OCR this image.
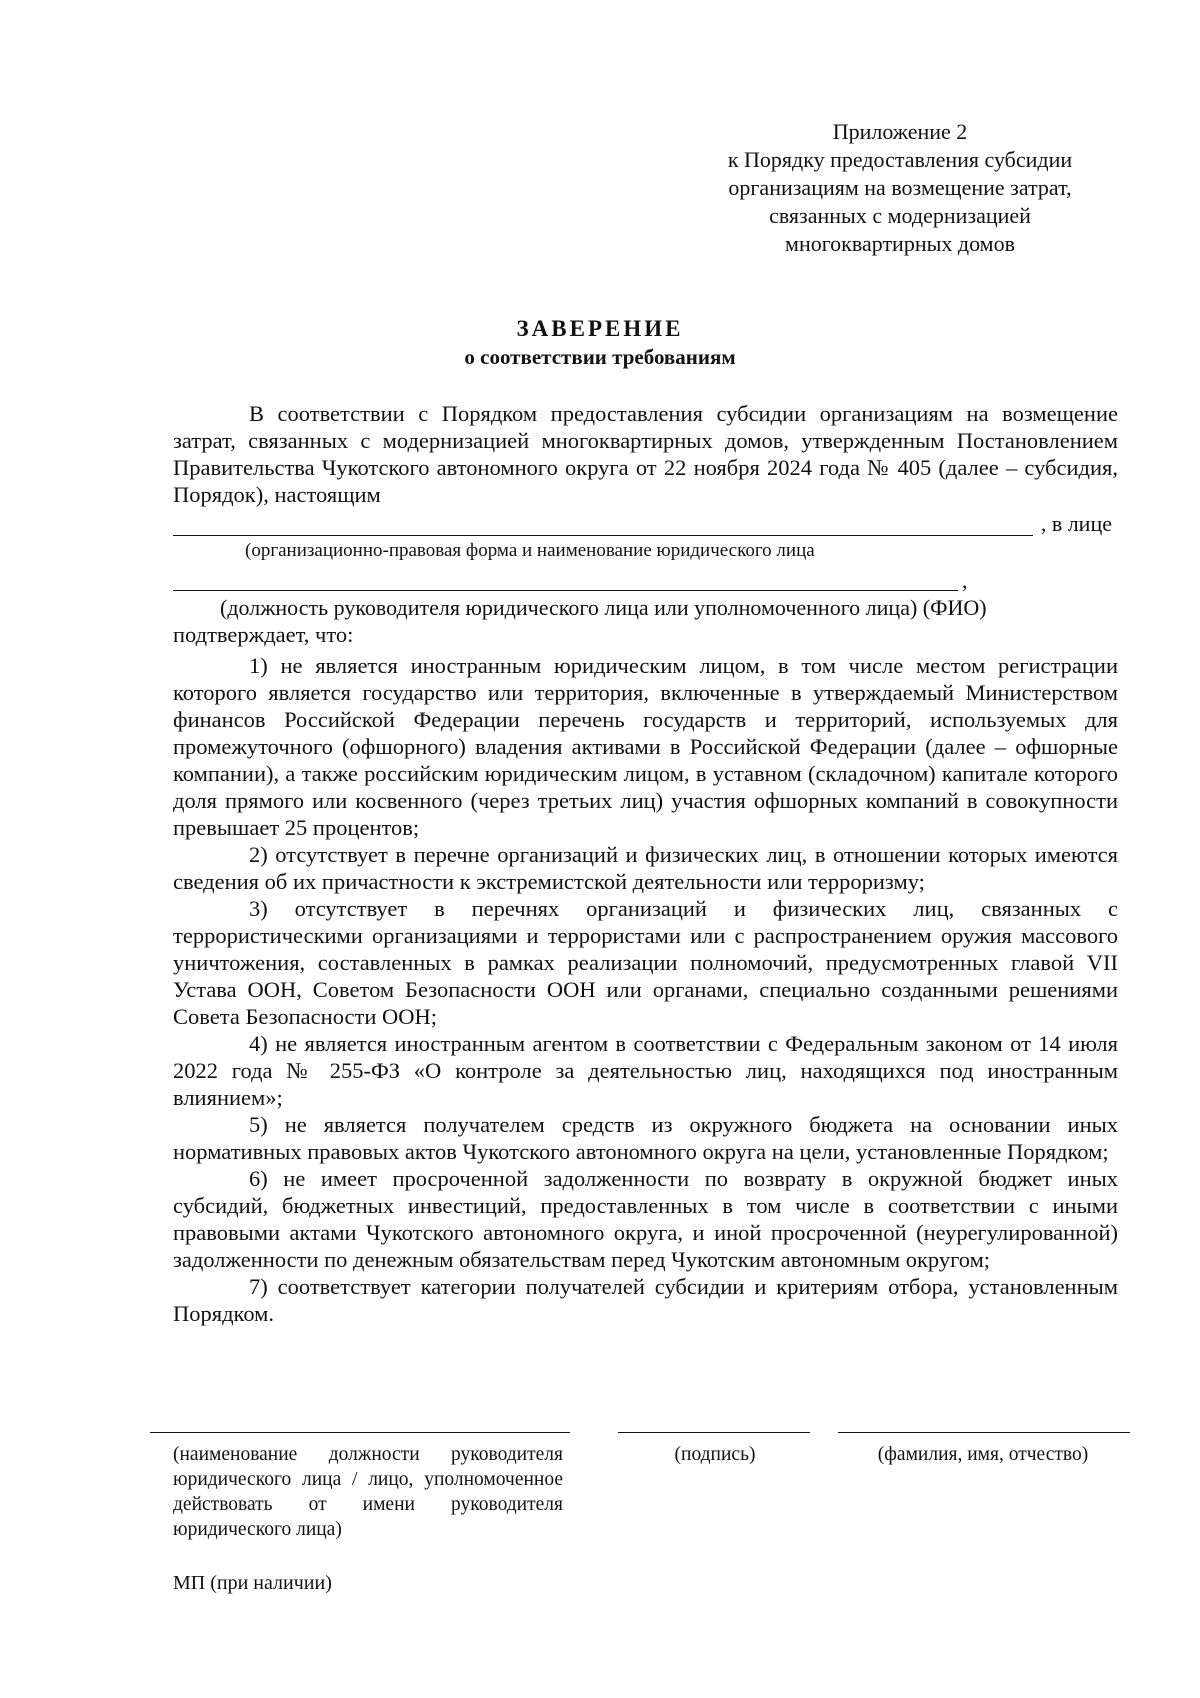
Приложение 2
к Порядку предоставления субсидии
организациям на возмещение затрат,
связанных с модернизацией
многоквартирных домов
ЗАВЕРЕНИЕ
о соответствии требованиям

В соответствии с Порядком предоставления субсидии организациям на возмещение затрат, связанных с модернизацией многоквартирных домов, утвержденным Постановлением Правительства Чукотского автономного округа от 22 ноября 2024 года № 405 (далее – субсидия, Порядок), настоящим

, в лице
(организационно-правовая форма и наименование юридического лица
,
(должность руководителя юридического лица или уполномоченного лица) (ФИО)
подтверждает, что:

1) не является иностранным юридическим лицом, в том числе местом регистрации которого является государство или территория, включенные в утверждаемый Министерством финансов Российской Федерации перечень государств и территорий, используемых для промежуточного (офшорного) владения активами в Российской Федерации (далее – офшорные компании), а также российским юридическим лицом, в уставном (складочном) капитале которого доля прямого или косвенного (через третьих лиц) участия офшорных компаний в совокупности превышает 25 процентов;

2) отсутствует в перечне организаций и физических лиц, в отношении которых имеются сведения об их причастности к экстремистской деятельности или терроризму;

3) отсутствует в перечнях организаций и физических лиц, связанных с террористическими организациями и террористами или с распространением оружия массового уничтожения, составленных в рамках реализации полномочий, предусмотренных главой VII Устава ООН, Советом Безопасности ООН или органами, специально созданными решениями Совета Безопасности ООН;

4) не является иностранным агентом в соответствии с Федеральным законом от 14 июля 2022 года № 255-ФЗ «О контроле за деятельностью лиц, находящихся под иностранным влиянием»;

5) не является получателем средств из окружного бюджета на основании иных нормативных правовых актов Чукотского автономного округа на цели, установленные Порядком;

6) не имеет просроченной задолженности по возврату в окружной бюджет иных субсидий, бюджетных инвестиций, предоставленных в том числе в соответствии с иными правовыми актами Чукотского автономного округа, и иной просроченной (неурегулированной) задолженности по денежным обязательствам перед Чукотским автономным округом;

7) соответствует категории получателей субсидии и критериям отбора, установленным Порядком.

(наименование должности руководителя юридического лица / лицо, уполномоченное действовать от имени руководителя юридического лица)
(подпись)	(фамилия, имя, отчество)
МП (при наличии)
